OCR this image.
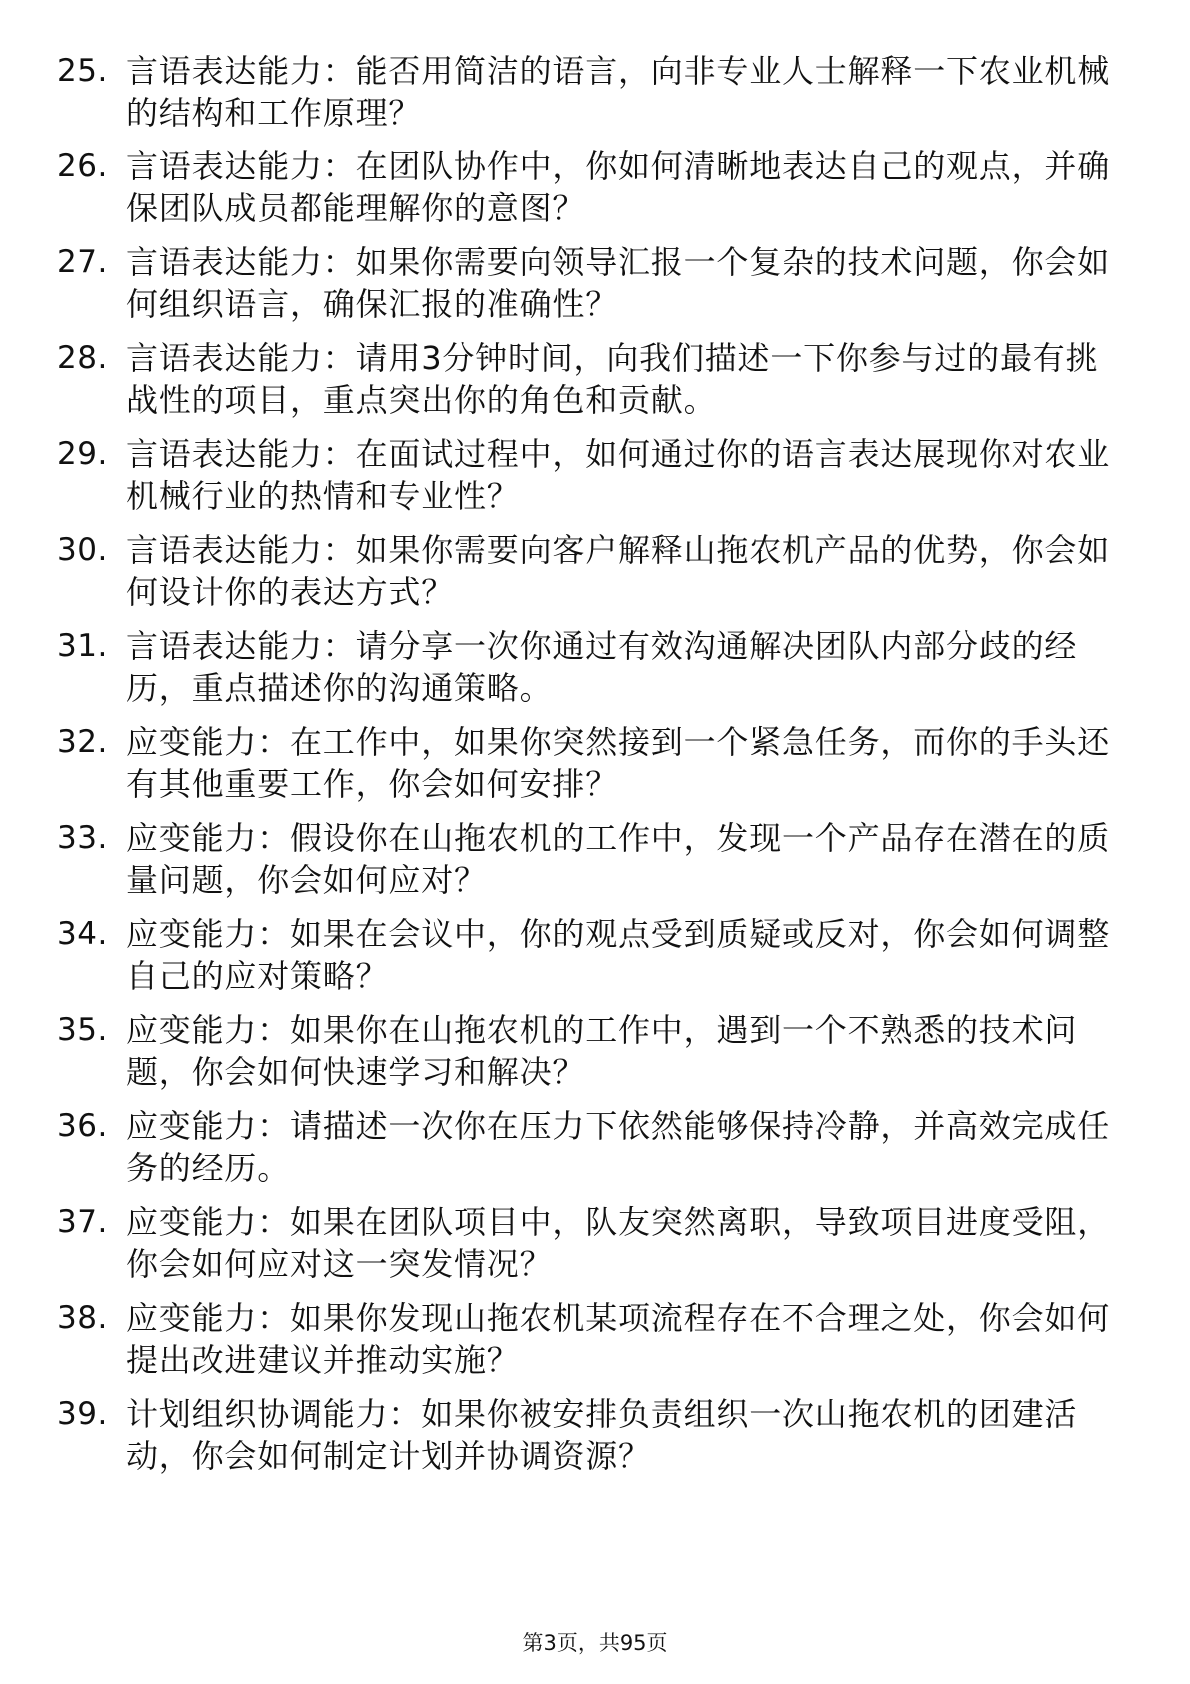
25. 言语表达能力：能否用简洁的语言，向非专业人士解释一下农业机械的结构和工作原理？
26. 言语表达能力：在团队协作中，你如何清晰地表达自己的观点，并确保团队成员都能理解你的意图？
27. 言语表达能力：如果你需要向领导汇报一个复杂的技术问题，你会如何组织语言，确保汇报的准确性？
28. 言语表达能力：请用3分钟时间，向我们描述一下你参与过的最有挑战性的项目，重点突出你的角色和贡献。
29. 言语表达能力：在面试过程中，如何通过你的语言表达展现你对农业机械行业的热情和专业性？
30. 言语表达能力：如果你需要向客户解释山拖农机产品的优势，你会如何设计你的表达方式？
31. 言语表达能力：请分享一次你通过有效沟通解决团队内部分歧的经历，重点描述你的沟通策略。
32. 应变能力：在工作中，如果你突然接到一个紧急任务，而你的手头还有其他重要工作，你会如何安排？
33. 应变能力：假设你在山拖农机的工作中，发现一个产品存在潜在的质量问题，你会如何应对？
34. 应变能力：如果在会议中，你的观点受到质疑或反对，你会如何调整自己的应对策略？
35. 应变能力：如果你在山拖农机的工作中，遇到一个不熟悉的技术问题，你会如何快速学习和解决？
36. 应变能力：请描述一次你在压力下依然能够保持冷静，并高效完成任务的经历。
37. 应变能力：如果在团队项目中，队友突然离职，导致项目进度受阻，你会如何应对这一突发情况？
38. 应变能力：如果你发现山拖农机某项流程存在不合理之处，你会如何提出改进建议并推动实施？
39. 计划组织协调能力：如果你被安排负责组织一次山拖农机的团建活动，你会如何制定计划并协调资源？
第3页，共95页
